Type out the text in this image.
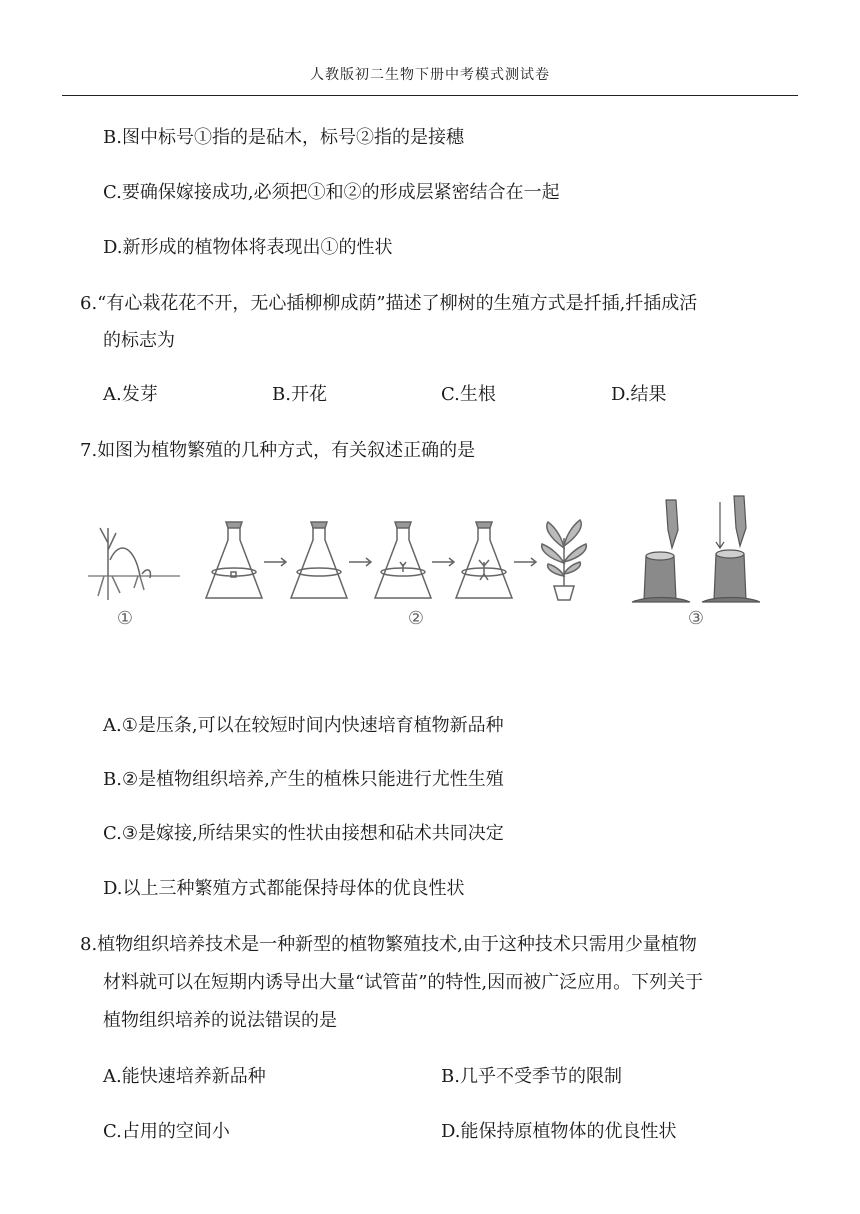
人教版初二生物下册中考模式测试卷
B.图中标号①指的是砧木，标号②指的是接穗
C.要确保嫁接成功,必须把①和②的形成层紧密结合在一起
D.新形成的植物体将表现出①的性状
6.“有心栽花花不开，无心插柳柳成荫”描述了柳树的生殖方式是扦插,扦插成活
的标志为
A.发芽	B.开花	C.生根	D.结果
7.如图为植物繁殖的几种方式，有关叙述正确的是
①	②	③
A.①是压条,可以在较短时间内快速培育植物新品种
B.②是植物组织培养,产生的植株只能进行尤性生殖
C.③是嫁接,所结果实的性状由接想和砧术共同决定
D.以上三种繁殖方式都能保持母体的优良性状
8.植物组织培养技术是一种新型的植物繁殖技术,由于这种技术只需用少量植物
材料就可以在短期内诱导出大量“试管苗”的特性,因而被广泛应用。下列关于
植物组织培养的说法错误的是
A.能快速培养新品种	B.几乎不受季节的限制
C.占用的空间小	D.能保持原植物体的优良性状
